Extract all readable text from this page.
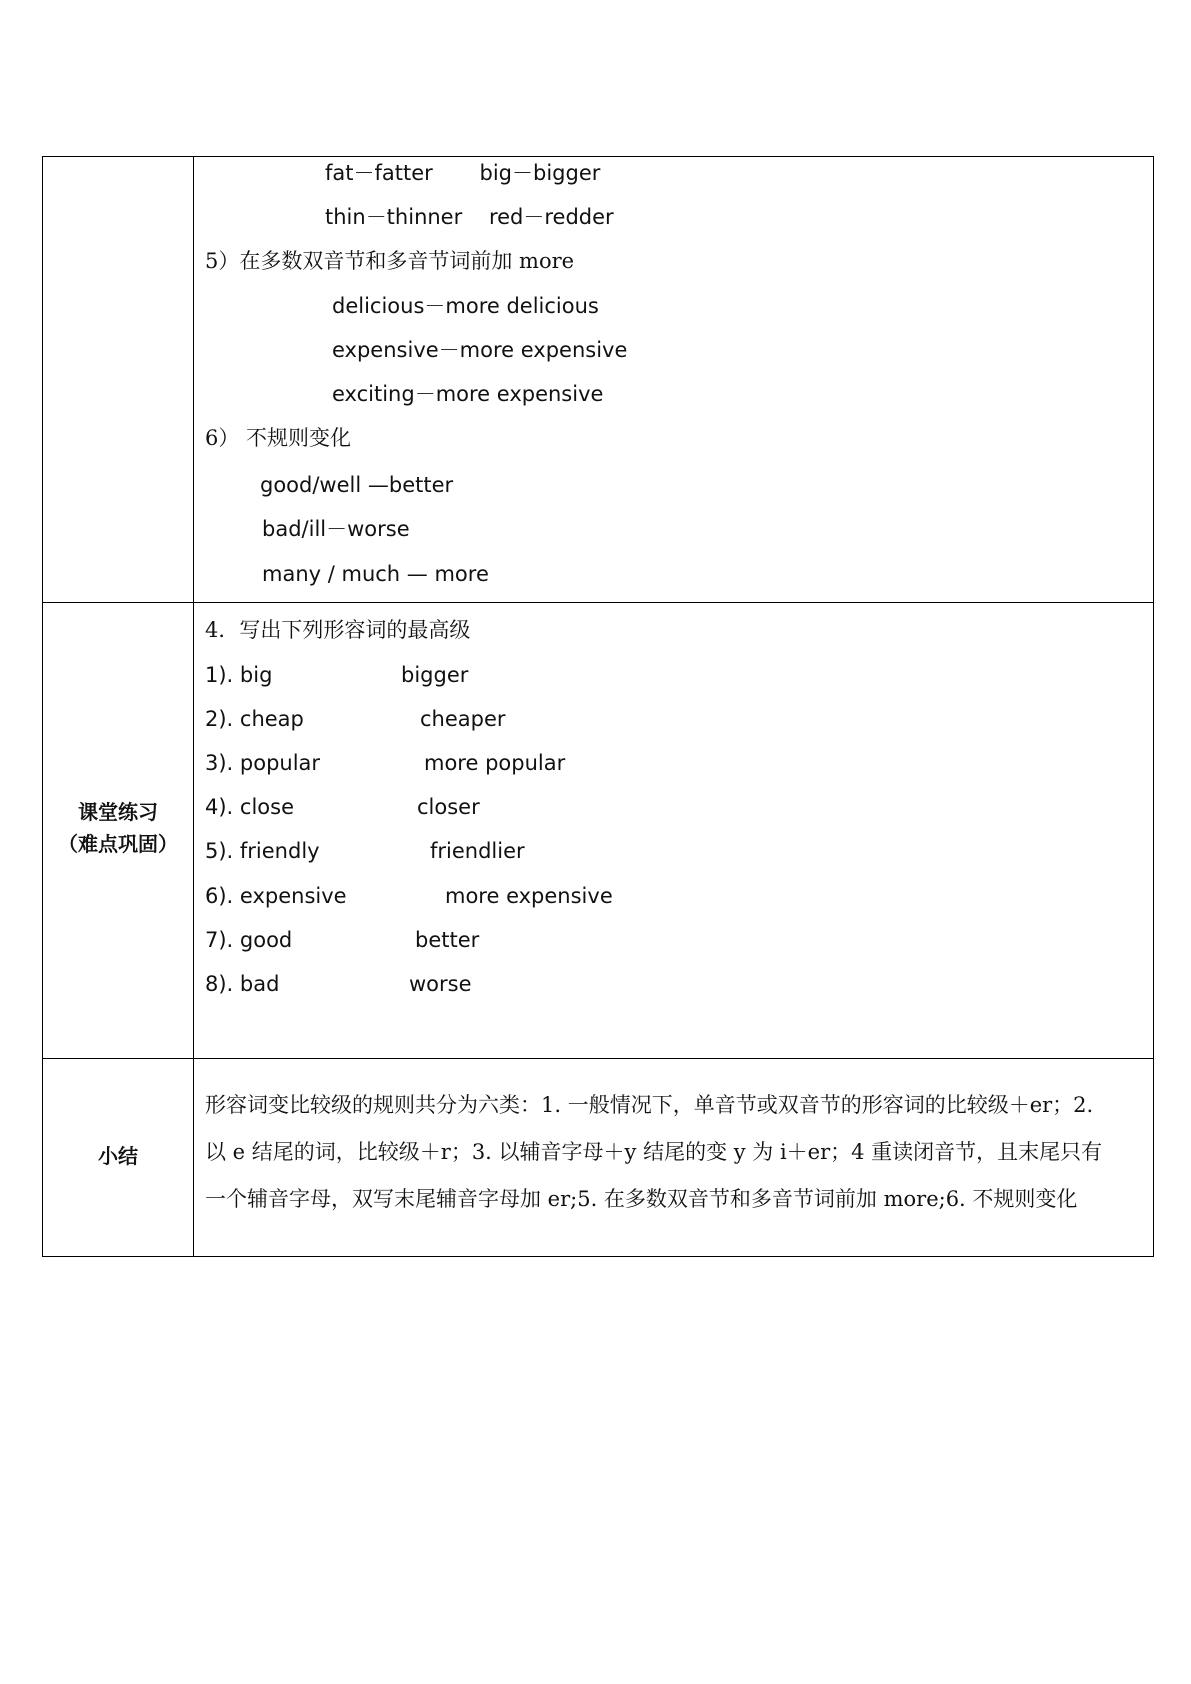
fat－fatter       big－bigger
thin－thinner    red－redder
5）在多数双音节和多音节词前加 more
delicious－more delicious
expensive－more expensive
exciting－more expensive
6） 不规则变化
good/well —better
bad/ill－worse
many / much — more
课堂练习
（难点巩固）
4．写出下列形容词的最高级
1). big	bigger
2). cheap	cheaper
3). popular	more popular
4). close	closer
5). friendly	friendlier
6). expensive	more expensive
7). good	better
8). bad	worse
小结
形容词变比较级的规则共分为六类：1. 一般情况下，单音节或双音节的形容词的比较级＋er；2.
以 e 结尾的词，比较级＋r；3. 以辅音字母＋y 结尾的变 y 为 i＋er；4 重读闭音节，且末尾只有
一个辅音字母，双写末尾辅音字母加 er;5. 在多数双音节和多音节词前加 more;6. 不规则变化
